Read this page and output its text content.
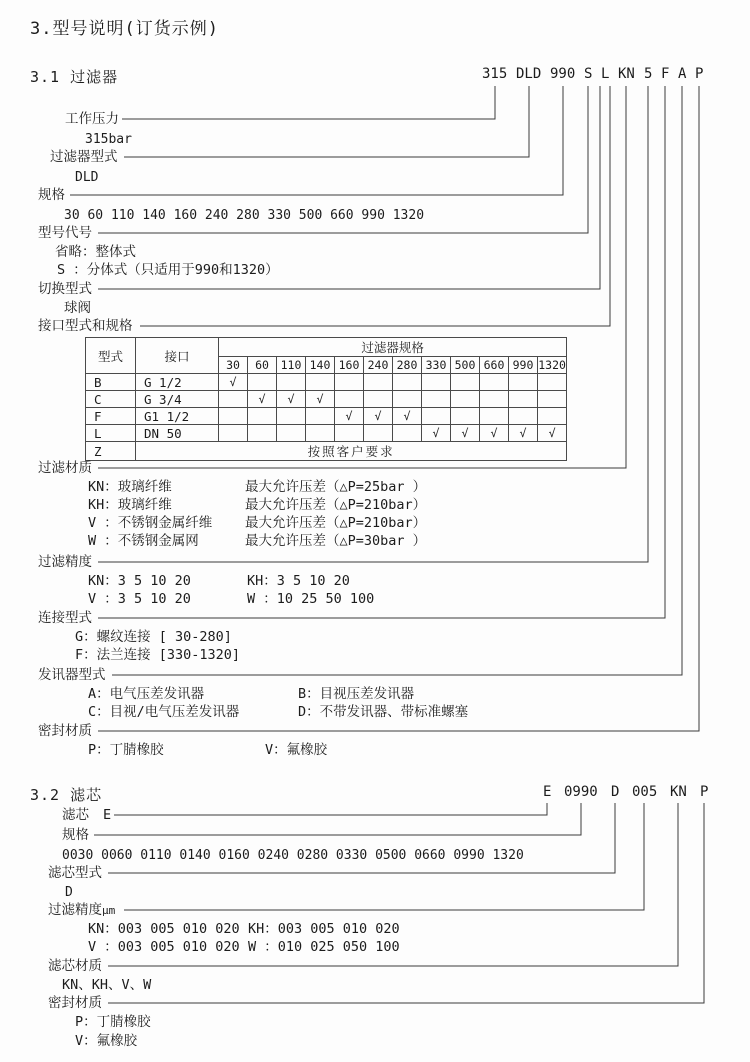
3.型号说明(订货示例)
3.1 过滤器	315 DLD 990 S L KN 5 F A P
工作压力
315bar
过滤器型式
DLD
规格
30 60 110 140 160 240 280 330 500 660 990 1320
型号代号
省略：整体式
S ：分体式（只适用于990和1320）
切换型式
球阀
接口型式和规格
型式	接口	过滤器规格											
		30	60	110	140	160	240	280	330	500	660	990	1320
B	G 1/2	√											
C	G 3/4		√	√	√								
F	G1 1/2					√	√	√					
L	DN 50								√	√	√	√	√
Z	按照客户要求												
过滤材质
KN：玻璃纤维	最大允许压差（△P=25bar ）
KH：玻璃纤维	最大允许压差（△P=210bar）
V ：不锈钢金属纤维 最大允许压差（△P=210bar）
W ：不锈钢金属网	最大允许压差（△P=30bar ）
过滤精度
KN：3 5 10 20	KH：3 5 10 20
V ：3 5 10 20	W ：10 25 50 100
连接型式
G：螺纹连接 [ 30-280]
F：法兰连接 [330-1320]
发讯器型式
A：电气压差发讯器	B：目视压差发讯器
C：目视/电气压差发讯器	D：不带发讯器、带标准螺塞
密封材质
P：丁腈橡胶	V：氟橡胶
3.2 滤芯	E 0990 D 005 KN P
滤芯 E
规格
0030 0060 0110 0140 0160 0240 0280 0330 0500 0660 0990 1320
滤芯型式
D
过滤精度μm
KN：003 005 010 020 KH：003 005 010 020
V ：003 005 010 020 W ：010 025 050 100
滤芯材质
KN、KH、V、W
密封材质
P：丁腈橡胶
V：氟橡胶
